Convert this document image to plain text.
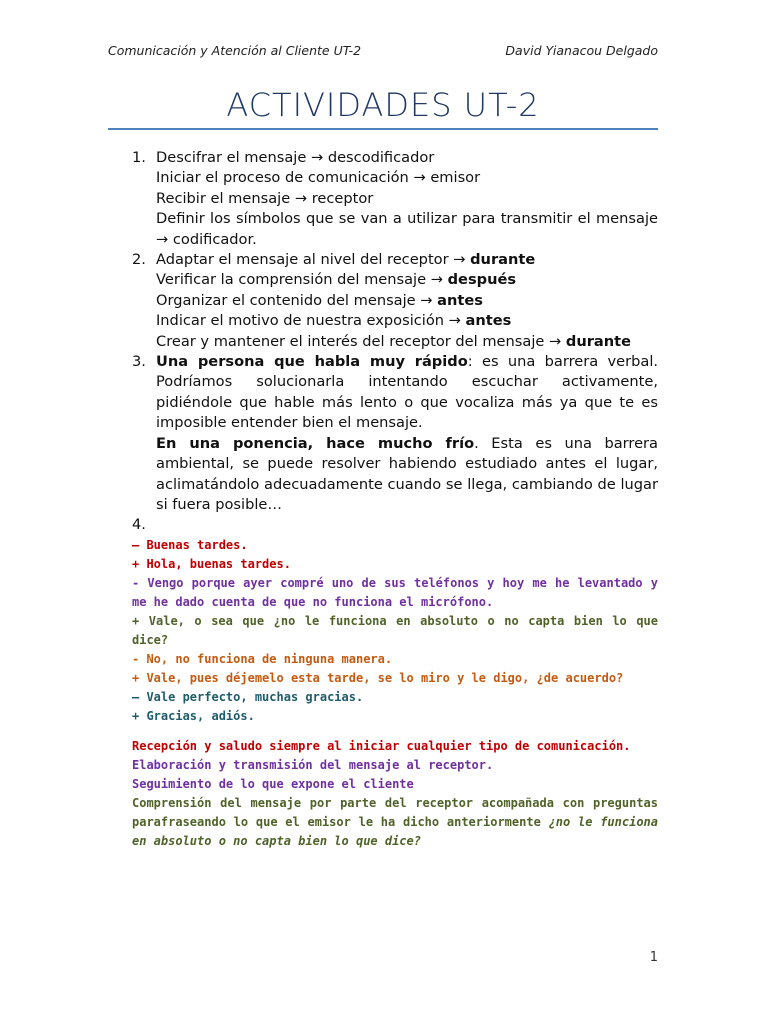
Comunicación y Atención al Cliente UT-2	David Yianacou Delgado
ACTIVIDADES UT-2
1. Descifrar el mensaje → descodificador

Iniciar el proceso de comunicación → emisor

Recibir el mensaje → receptor

Definir los símbolos que se van a utilizar para transmitir el mensaje → codificador.

2. Adaptar el mensaje al nivel del receptor → durante

Verificar la comprensión del mensaje → después

Organizar el contenido del mensaje → antes

Indicar el motivo de nuestra exposición → antes

Crear y mantener el interés del receptor del mensaje → durante

3. Una persona que habla muy rápido: es una barrera verbal. Podríamos solucionarla intentando escuchar activamente, pidiéndole que hable más lento o que vocaliza más ya que te es imposible entender bien el mensaje.

En una ponencia, hace mucho frío. Esta es una barrera ambiental, se puede resolver habiendo estudiado antes el lugar, aclimatándolo adecuadamente cuando se llega, cambiando de lugar si fuera posible…

4.

– Buenas tardes.

+ Hola, buenas tardes.

- Vengo porque ayer compré uno de sus teléfonos y hoy me he levantado y me he dado cuenta de que no funciona el micrófono.

+ Vale, o sea que ¿no le funciona en absoluto o no capta bien lo que dice?

- No, no funciona de ninguna manera.

+ Vale, pues déjemelo esta tarde, se lo miro y le digo, ¿de acuerdo?

– Vale perfecto, muchas gracias.

+ Gracias, adiós.

Recepción y saludo siempre al iniciar cualquier tipo de comunicación.

Elaboración y transmisión del mensaje al receptor.

Seguimiento de lo que expone el cliente

Comprensión del mensaje por parte del receptor acompañada con preguntas parafraseando lo que el emisor le ha dicho anteriormente ¿no le funciona en absoluto o no capta bien lo que dice?

1
